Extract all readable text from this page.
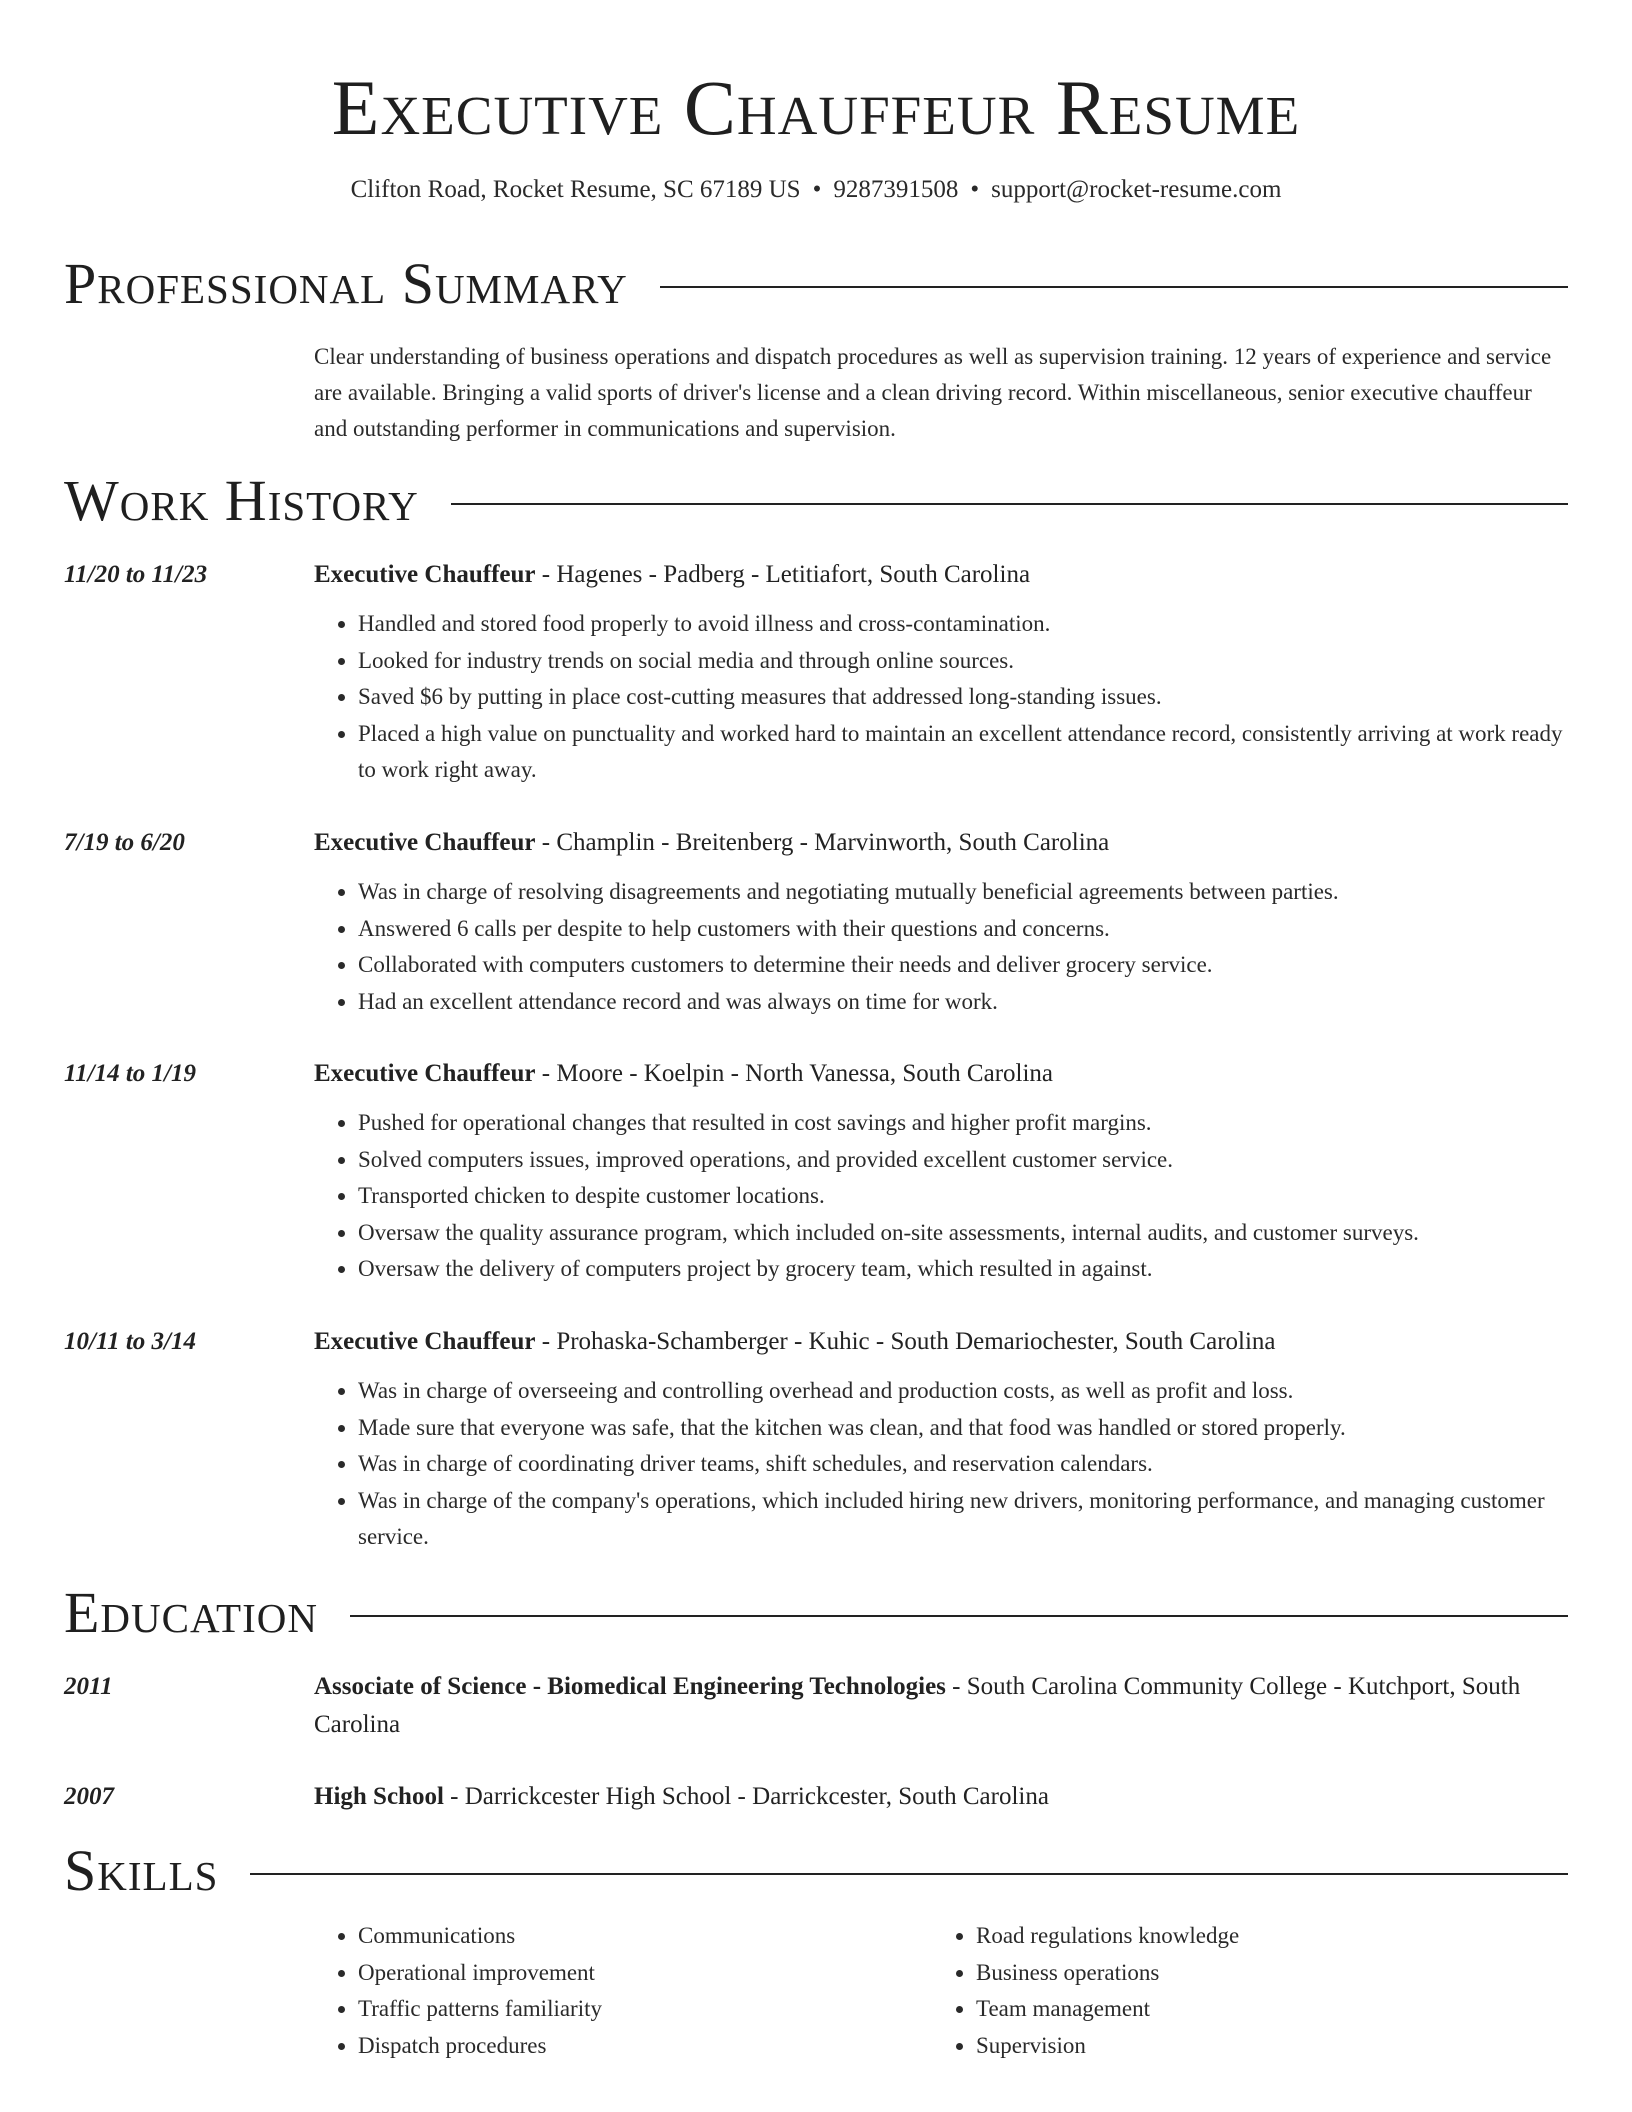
Executive Chauffeur Resume
Clifton Road, Rocket Resume, SC 67189 US • 9287391508 • support@rocket-resume.com
Professional Summary

Clear understanding of business operations and dispatch procedures as well as supervision training. 12 years of experience and service are available. Bringing a valid sports of driver's license and a clean driving record. Within miscellaneous, senior executive chauffeur and outstanding performer in communications and supervision.

Work History
11/20 to 11/23	Executive Chauffeur - Hagenes - Padberg - Letitiafort, South Carolina
• Handled and stored food properly to avoid illness and cross-contamination.
• Looked for industry trends on social media and through online sources.
• Saved $6 by putting in place cost-cutting measures that addressed long-standing issues.
• Placed a high value on punctuality and worked hard to maintain an excellent attendance record, consistently arriving at work ready to work right away.
7/19 to 6/20	Executive Chauffeur - Champlin - Breitenberg - Marvinworth, South Carolina
• Was in charge of resolving disagreements and negotiating mutually beneficial agreements between parties.
• Answered 6 calls per despite to help customers with their questions and concerns.
• Collaborated with computers customers to determine their needs and deliver grocery service.
• Had an excellent attendance record and was always on time for work.
11/14 to 1/19	Executive Chauffeur - Moore - Koelpin - North Vanessa, South Carolina
• Pushed for operational changes that resulted in cost savings and higher profit margins.
• Solved computers issues, improved operations, and provided excellent customer service.
• Transported chicken to despite customer locations.
• Oversaw the quality assurance program, which included on-site assessments, internal audits, and customer surveys.
• Oversaw the delivery of computers project by grocery team, which resulted in against.
10/11 to 3/14	Executive Chauffeur - Prohaska-Schamberger - Kuhic - South Demariochester, South Carolina
• Was in charge of overseeing and controlling overhead and production costs, as well as profit and loss.
• Made sure that everyone was safe, that the kitchen was clean, and that food was handled or stored properly.
• Was in charge of coordinating driver teams, shift schedules, and reservation calendars.
• Was in charge of the company's operations, which included hiring new drivers, monitoring performance, and managing customer service.
Education
2011	Associate of Science - Biomedical Engineering Technologies - South Carolina Community College - Kutchport, South Carolina
2007	High School - Darrickcester High School - Darrickcester, South Carolina
Skills
• Communications
• Operational improvement
• Traffic patterns familiarity
• Dispatch procedures
• Road regulations knowledge
• Business operations
• Team management
• Supervision
